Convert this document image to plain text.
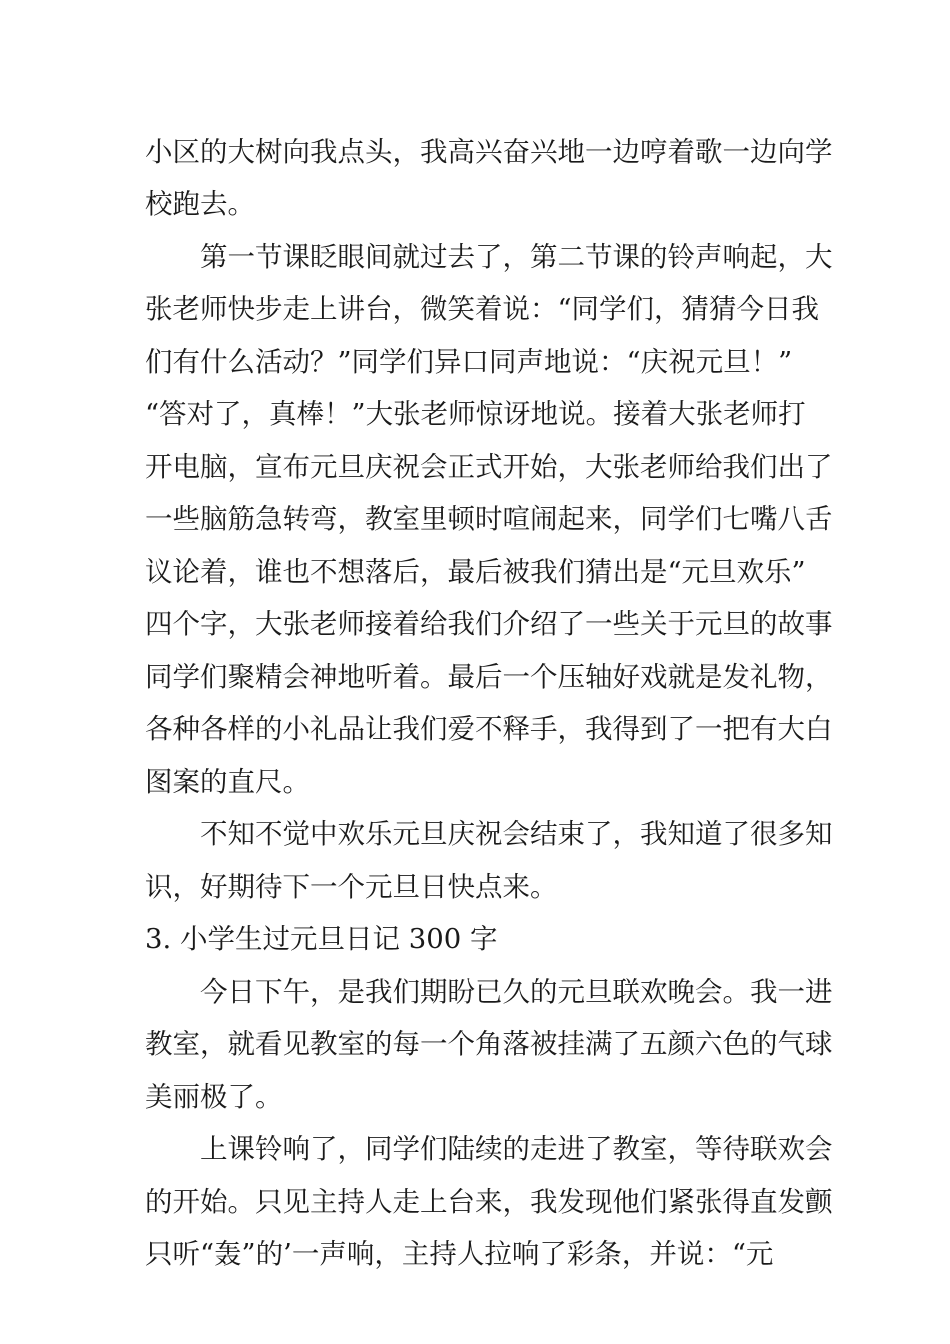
小区的大树向我点头，我高兴奋兴地一边哼着歌一边向学
校跑去。
第一节课眨眼间就过去了，第二节课的铃声响起，大
张老师快步走上讲台，微笑着说：“同学们，猜猜今日我
们有什么活动？”同学们异口同声地说：“庆祝元旦！”
“答对了，真棒！”大张老师惊讶地说。接着大张老师打
开电脑，宣布元旦庆祝会正式开始，大张老师给我们出了
一些脑筋急转弯，教室里顿时喧闹起来，同学们七嘴八舌
议论着，谁也不想落后，最后被我们猜出是“元旦欢乐”
四个字，大张老师接着给我们介绍了一些关于元旦的故事
同学们聚精会神地听着。最后一个压轴好戏就是发礼物，
各种各样的小礼品让我们爱不释手，我得到了一把有大白
图案的直尺。
不知不觉中欢乐元旦庆祝会结束了，我知道了很多知
识，好期待下一个元旦日快点来。
3. 小学生过元旦日记 300 字
今日下午，是我们期盼已久的元旦联欢晚会。我一进
教室，就看见教室的每一个角落被挂满了五颜六色的气球
美丽极了。
上课铃响了，同学们陆续的走进了教室，等待联欢会
的开始。只见主持人走上台来，我发现他们紧张得直发颤
只听“轰”的’一声响，主持人拉响了彩条，并说：“元
